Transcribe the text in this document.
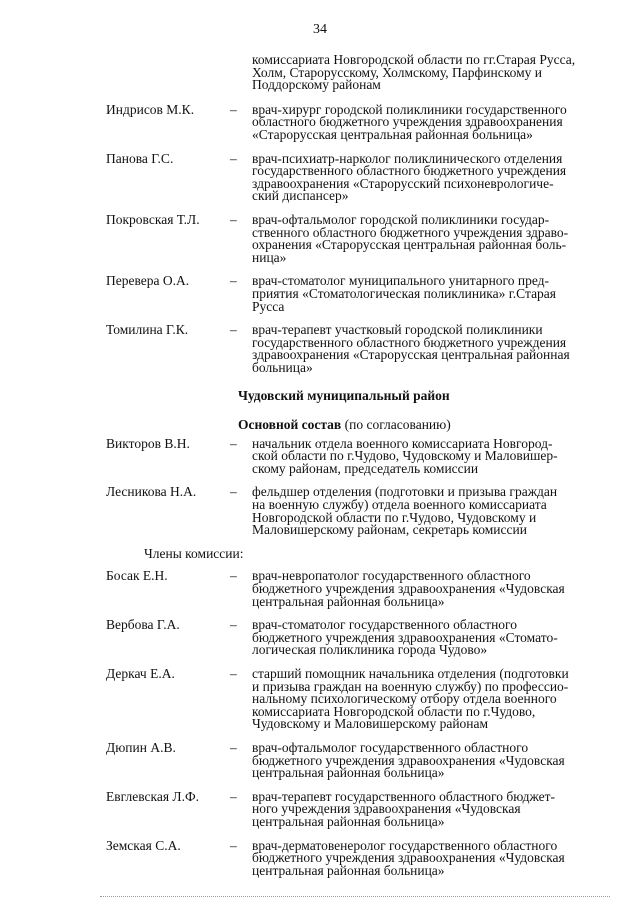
34
комиссариата Новгородской области по гг.Старая Русса,
Холм, Старорусскому, Холмскому, Парфинскому и
Поддорскому районам
Индрисов М.К.	–	врач-хирург городской поликлиники государственного
областного бюджетного учреждения здравоохранения
«Старорусская центральная районная больница»
Панова Г.С.	–	врач-психиатр-нарколог поликлинического отделения
государственного областного бюджетного учреждения
здравоохранения «Старорусский психоневрологиче-
ский диспансер»
Покровская Т.Л.	–	врач-офтальмолог городской поликлиники государ-
ственного областного бюджетного учреждения здраво-
охранения «Старорусская центральная районная боль-
ница»
Перевера О.А.	–	врач-стоматолог муниципального унитарного пред-
приятия «Стоматологическая поликлиника» г.Старая
Русса
Томилина Г.К.	–	врач-терапевт участковый городской поликлиники
государственного областного бюджетного учреждения
здравоохранения «Старорусская центральная районная
больница»
Чудовский муниципальный район
Основной состав (по согласованию)
Викторов В.Н.	–	начальник отдела военного комиссариата Новгород-
ской области по г.Чудово, Чудовскому и Маловишер-
скому районам, председатель комиссии
Лесникова Н.А.	–	фельдшер отделения (подготовки и призыва граждан
на военную службу) отдела военного комиссариата
Новгородской области по г.Чудово, Чудовскому и
Маловишерскому районам, секретарь комиссии
Члены комиссии:
Босак Е.Н.	–	врач-невропатолог государственного областного
бюджетного учреждения здравоохранения «Чудовская
центральная районная больница»
Вербова Г.А.	–	врач-стоматолог государственного областного
бюджетного учреждения здравоохранения «Стомато-
логическая поликлиника города Чудово»
Деркач Е.А.	–	старший помощник начальника отделения (подготовки
и призыва граждан на военную службу) по профессио-
нальному психологическому отбору отдела военного
комиссариата Новгородской области по г.Чудово,
Чудовскому и Маловишерскому районам
Дюпин А.В.	–	врач-офтальмолог государственного областного
бюджетного учреждения здравоохранения «Чудовская
центральная районная больница»
Евглевская Л.Ф.	–	врач-терапевт государственного областного бюджет-
ного учреждения здравоохранения «Чудовская
центральная районная больница»
Земская С.А.	–	врач-дерматовенеролог государственного областного
бюджетного учреждения здравоохранения «Чудовская
центральная районная больница»
